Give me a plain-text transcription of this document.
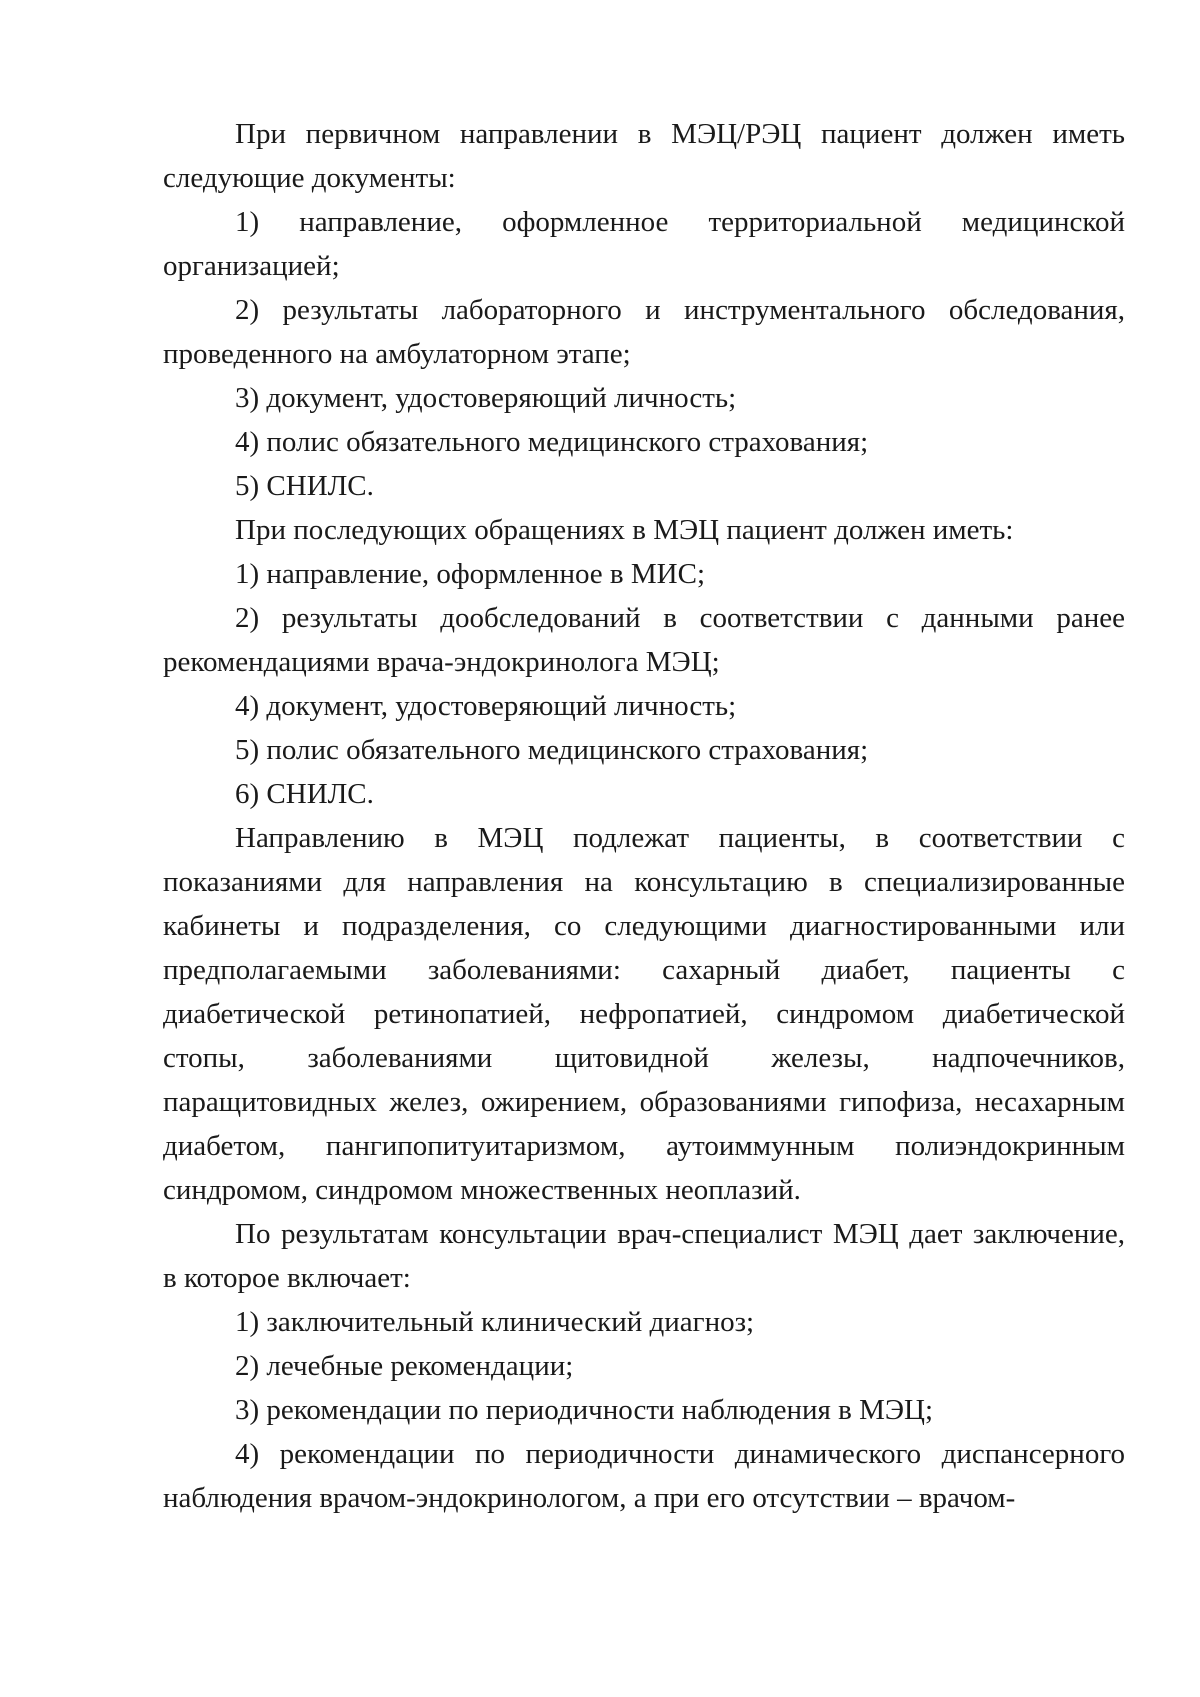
При первичном направлении в МЭЦ/РЭЦ пациент должен иметь следующие документы:

1) направление, оформленное территориальной медицинской организацией;

2) результаты лабораторного и инструментального обследования, проведенного на амбулаторном этапе;

3) документ, удостоверяющий личность;

4) полис обязательного медицинского страхования;

5) СНИЛС.

При последующих обращениях в МЭЦ пациент должен иметь:

1) направление, оформленное в МИС;

2) результаты дообследований в соответствии с данными ранее рекомендациями врача-эндокринолога МЭЦ;

4) документ, удостоверяющий личность;

5) полис обязательного медицинского страхования;

6) СНИЛС.

Направлению в МЭЦ подлежат пациенты, в соответствии с показаниями для направления на консультацию в специализированные кабинеты и подразделения, со следующими диагностированными или предполагаемыми заболеваниями: сахарный диабет, пациенты с диабетической ретинопатией, нефропатией, синдромом диабетической стопы, заболеваниями щитовидной железы, надпочечников, паращитовидных желез, ожирением, образованиями гипофиза, несахарным диабетом, пангипопитуитаризмом, аутоиммунным полиэндокринным синдромом, синдромом множественных неоплазий.

По результатам консультации врач-специалист МЭЦ дает заключение, в которое включает:

1) заключительный клинический диагноз;

2) лечебные рекомендации;

3) рекомендации по периодичности наблюдения в МЭЦ;

4) рекомендации по периодичности динамического диспансерного наблюдения врачом-эндокринологом, а при его отсутствии – врачом-
